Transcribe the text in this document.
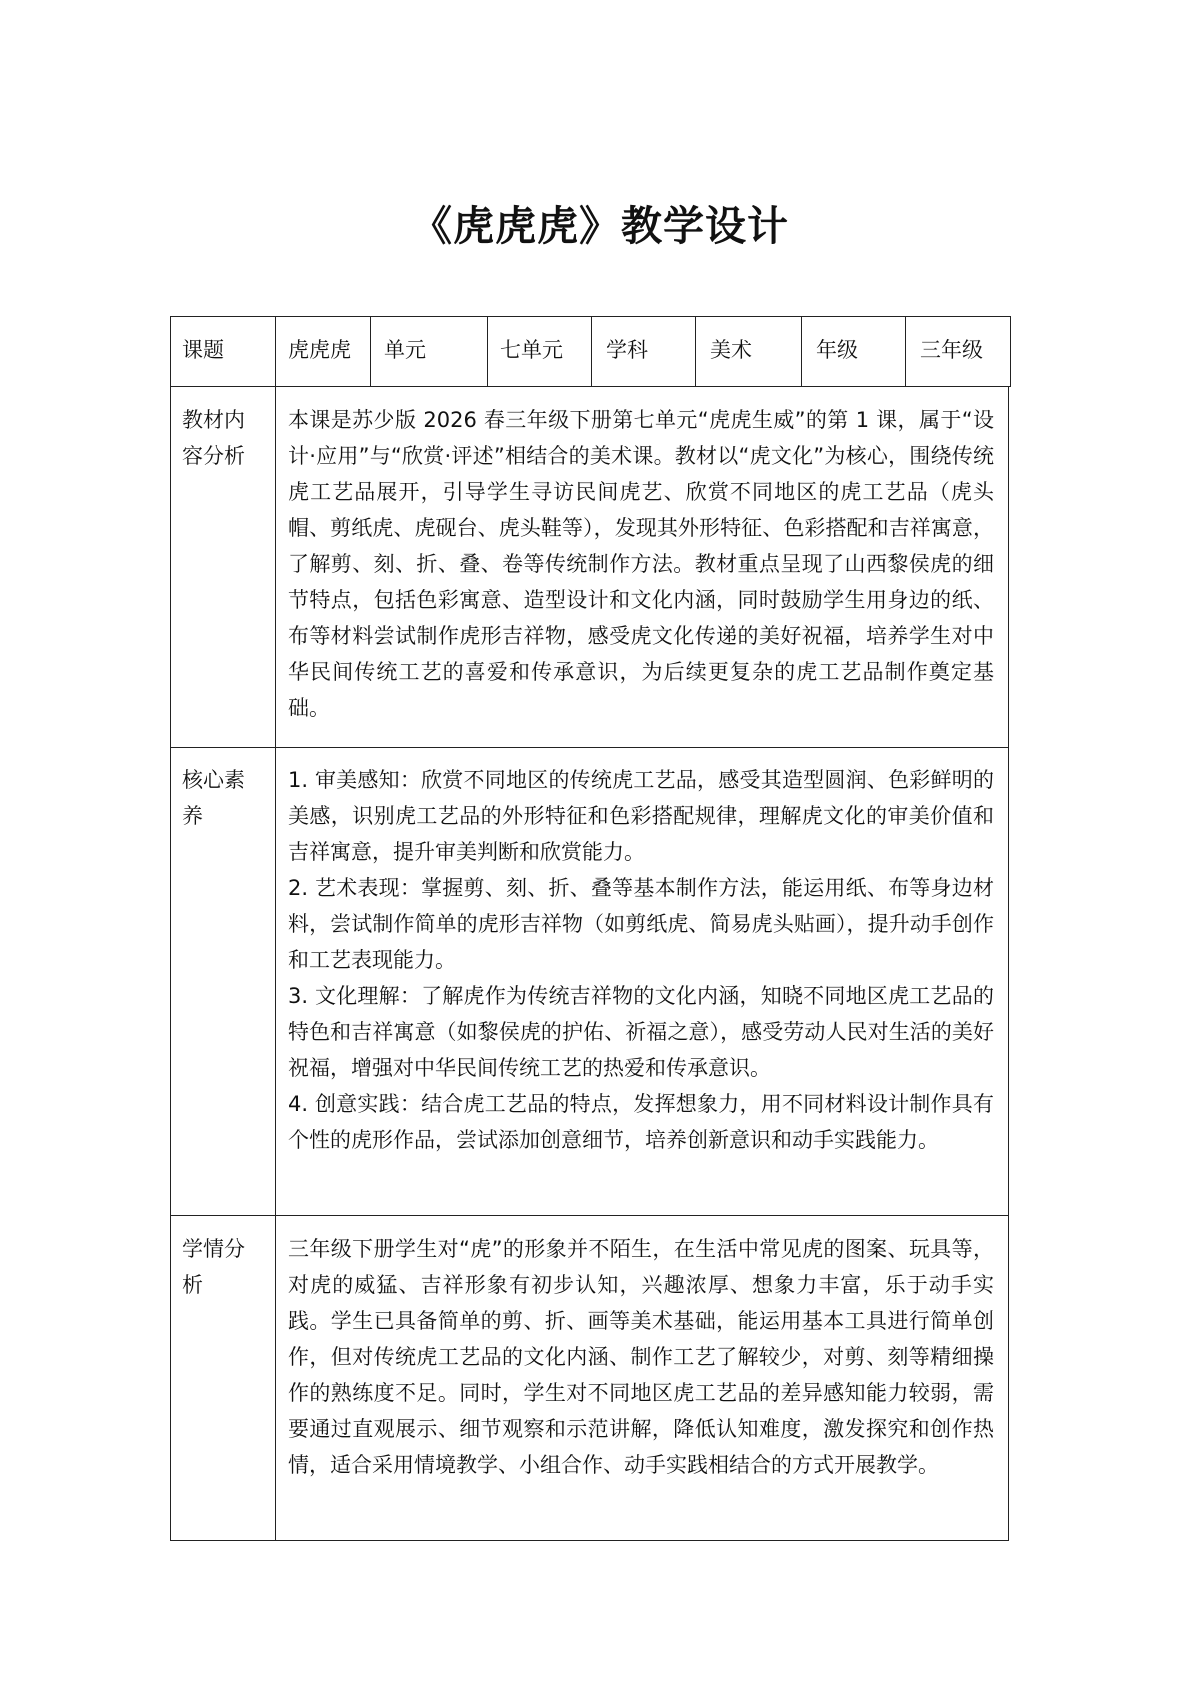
《虎虎虎》教学设计
课题	虎虎虎 单元	七单元 学科	美术	年级	三年级
教材内容分析

本课是苏少版 2026 春三年级下册第七单元“虎虎生威”的第 1 课，属于“设计·应用”与“欣赏·评述”相结合的美术课。教材以“虎文化”为核心，围绕传统虎工艺品展开，引导学生寻访民间虎艺、欣赏不同地区的虎工艺品（虎头帽、剪纸虎、虎砚台、虎头鞋等），发现其外形特征、色彩搭配和吉祥寓意，了解剪、刻、折、叠、卷等传统制作方法。教材重点呈现了山西黎侯虎的细节特点，包括色彩寓意、造型设计和文化内涵，同时鼓励学生用身边的纸、布等材料尝试制作虎形吉祥物，感受虎文化传递的美好祝福，培养学生对中华民间传统工艺的喜爱和传承意识，为后续更复杂的虎工艺品制作奠定基础。

核心素养

1. 审美感知：欣赏不同地区的传统虎工艺品，感受其造型圆润、色彩鲜明的美感，识别虎工艺品的外形特征和色彩搭配规律，理解虎文化的审美价值和吉祥寓意，提升审美判断和欣赏能力。

2. 艺术表现：掌握剪、刻、折、叠等基本制作方法，能运用纸、布等身边材料，尝试制作简单的虎形吉祥物（如剪纸虎、简易虎头贴画），提升动手创作和工艺表现能力。

3. 文化理解：了解虎作为传统吉祥物的文化内涵，知晓不同地区虎工艺品的特色和吉祥寓意（如黎侯虎的护佑、祈福之意），感受劳动人民对生活的美好祝福，增强对中华民间传统工艺的热爱和传承意识。

4. 创意实践：结合虎工艺品的特点，发挥想象力，用不同材料设计制作具有个性的虎形作品，尝试添加创意细节，培养创新意识和动手实践能力。

学情分析

三年级下册学生对“虎”的形象并不陌生，在生活中常见虎的图案、玩具等，对虎的威猛、吉祥形象有初步认知，兴趣浓厚、想象力丰富，乐于动手实践。学生已具备简单的剪、折、画等美术基础，能运用基本工具进行简单创作，但对传统虎工艺品的文化内涵、制作工艺了解较少，对剪、刻等精细操作的熟练度不足。同时，学生对不同地区虎工艺品的差异感知能力较弱，需要通过直观展示、细节观察和示范讲解，降低认知难度，激发探究和创作热情，适合采用情境教学、小组合作、动手实践相结合的方式开展教学。
